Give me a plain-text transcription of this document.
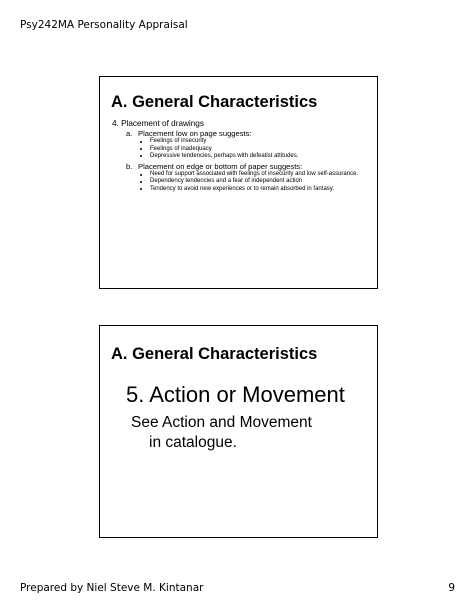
Psy242MA Personality Appraisal
A. General Characteristics
4. Placement of drawings
a. Placement low on page suggests:
Feelings of insecurity
Feelings of inadequacy
Depressive tendencies, perhaps with defeatist attitudes.
b. Placement on edge or bottom of paper suggests:
Need for support associated with feelings of insecurity and low self-assurance.
Dependency tendencies and a fear of independent action
Tendency to avoid new experiences or to remain absorbed in fantasy.
A. General Characteristics
5. Action or Movement
See Action and Movement
in catalogue.
Prepared by Niel Steve M. Kintanar	9
